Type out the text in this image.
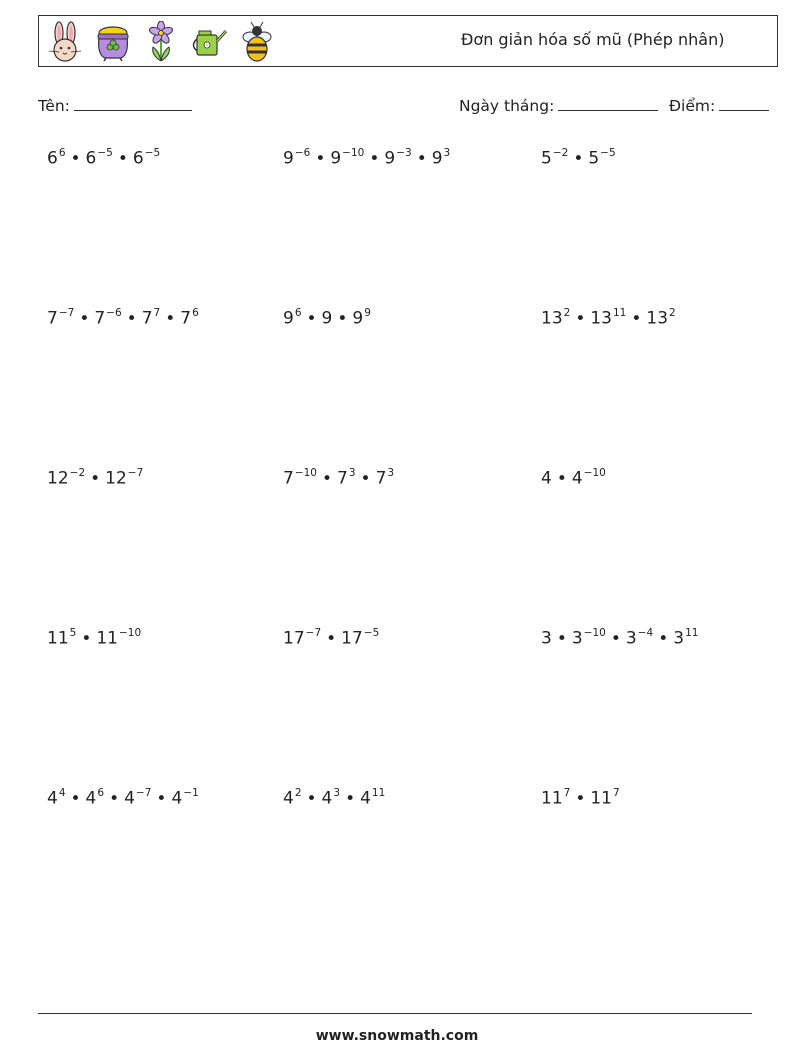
Đơn giản hóa số mũ (Phép nhân)
Tên:	Ngày tháng:	Điểm:
$6^6$ • $6^{-5}$ • $6^{-5}$	$9^{-6}$ • $9^{-10}$ • $9^{-3}$ • $9^3$	$5^{-2}$ • $5^{-5}$
$7^{-7}$ • $7^{-6}$ • $7^7$ • $7^6$	$9^6$ • 9 • $9^9$	$13^2$ • $13^{11}$ • $13^2$
$12^{-2}$ • $12^{-7}$	$7^{-10}$ • $7^3$ • $7^3$	4 • $4^{-10}$
$11^5$ • $11^{-10}$	$17^{-7}$ • $17^{-5}$	3 • $3^{-10}$ • $3^{-4}$ • $3^{11}$
$4^4$ • $4^6$ • $4^{-7}$ • $4^{-1}$	$4^2$ • $4^3$ • $4^{11}$	$11^7$ • $11^7$
www.snowmath.com
